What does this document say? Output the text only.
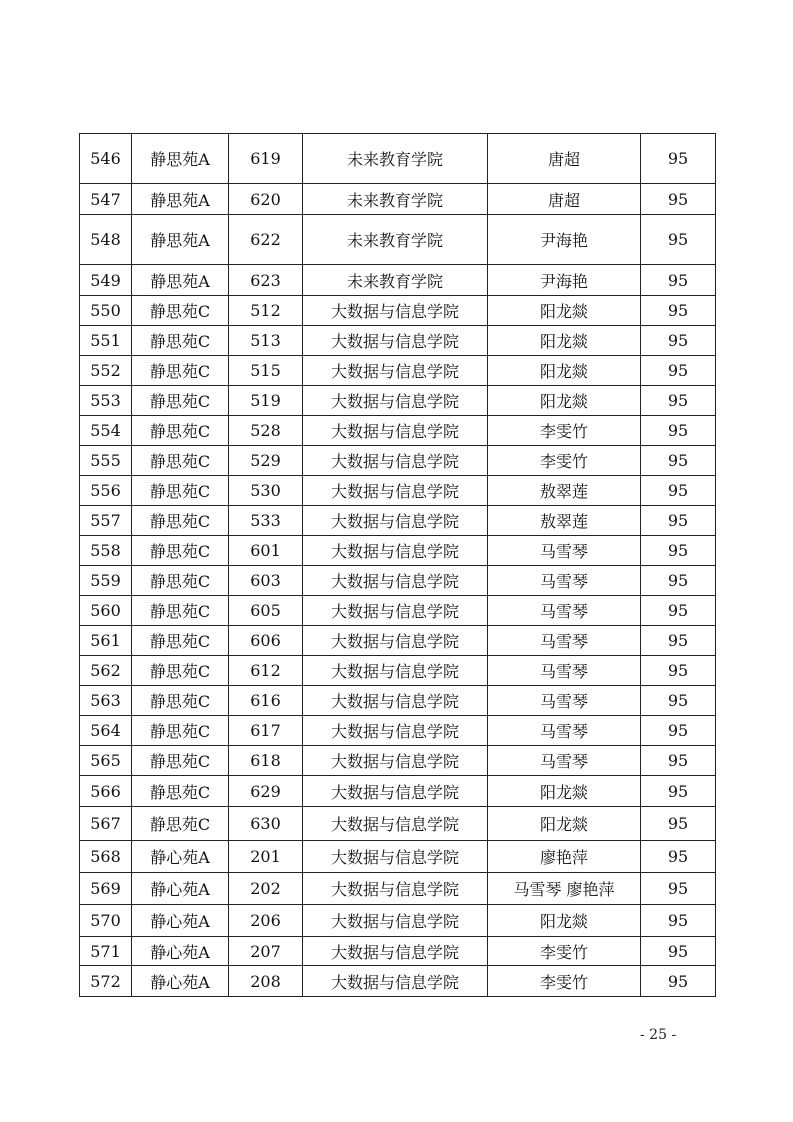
546	静思苑A	619	未来教育学院	唐超	95
547	静思苑A	620	未来教育学院	唐超	95
548	静思苑A	622	未来教育学院	尹海艳	95
549	静思苑A	623	未来教育学院	尹海艳	95
550	静思苑C	512	大数据与信息学院	阳龙燚	95
551	静思苑C	513	大数据与信息学院	阳龙燚	95
552	静思苑C	515	大数据与信息学院	阳龙燚	95
553	静思苑C	519	大数据与信息学院	阳龙燚	95
554	静思苑C	528	大数据与信息学院	李雯竹	95
555	静思苑C	529	大数据与信息学院	李雯竹	95
556	静思苑C	530	大数据与信息学院	敖翠莲	95
557	静思苑C	533	大数据与信息学院	敖翠莲	95
558	静思苑C	601	大数据与信息学院	马雪琴	95
559	静思苑C	603	大数据与信息学院	马雪琴	95
560	静思苑C	605	大数据与信息学院	马雪琴	95
561	静思苑C	606	大数据与信息学院	马雪琴	95
562	静思苑C	612	大数据与信息学院	马雪琴	95
563	静思苑C	616	大数据与信息学院	马雪琴	95
564	静思苑C	617	大数据与信息学院	马雪琴	95
565	静思苑C	618	大数据与信息学院	马雪琴	95
566	静思苑C	629	大数据与信息学院	阳龙燚	95
567	静思苑C	630	大数据与信息学院	阳龙燚	95
568	静心苑A	201	大数据与信息学院	廖艳萍	95
569	静心苑A	202	大数据与信息学院	马雪琴 廖艳萍	95
570	静心苑A	206	大数据与信息学院	阳龙燚	95
571	静心苑A	207	大数据与信息学院	李雯竹	95
572	静心苑A	208	大数据与信息学院	李雯竹	95
- 25 -
